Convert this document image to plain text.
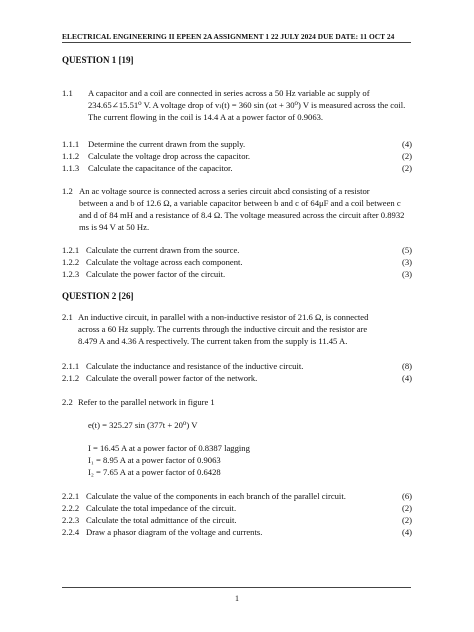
ELECTRICAL ENGINEERING II EPEEN 2A ASSIGNMENT 1 22 JULY 2024 DUE DATE: 11 OCT 24
QUESTION 1 [19]
1.1 A capacitor and a coil are connected in series across a 50 Hz variable ac supply of
234.65∠15.51⁰ V. A voltage drop of vₗ(t) = 360 sin (ωt + 30⁰) V is measured across the coil.
The current flowing in the coil is 14.4 A at a power factor of 0.9063.
1.1.1 Determine the current drawn from the supply.	(4)
1.1.2 Calculate the voltage drop across the capacitor.	(2)
1.1.3 Calculate the capacitance of the capacitor.	(2)
1.2 An ac voltage source is connected across a series circuit abcd consisting of a resistor
between a and b of 12.6 Ω, a variable capacitor between b and c of 64μF and a coil between c
and d of 84 mH and a resistance of 8.4 Ω. The voltage measured across the circuit after 0.8932
ms is 94 V at 50 Hz.
1.2.1 Calculate the current drawn from the source.	(5)
1.2.2 Calculate the voltage across each component.	(3)
1.2.3 Calculate the power factor of the circuit.	(3)
QUESTION 2 [26]
2.1 An inductive circuit, in parallel with a non-inductive resistor of 21.6 Ω, is connected
across a 60 Hz supply. The currents through the inductive circuit and the resistor are
8.479 A and 4.36 A respectively. The current taken from the supply is 11.45 A.
2.1.1 Calculate the inductance and resistance of the inductive circuit.	(8)
2.1.2 Calculate the overall power factor of the network.	(4)
2.2 Refer to the parallel network in figure 1
e(t) = 325.27 sin (377t + 20⁰) V
I = 16.45 A at a power factor of 0.8387 lagging
I₁ = 8.95 A at a power factor of 0.9063
I₂ = 7.65 A at a power factor of 0.6428
2.2.1 Calculate the value of the components in each branch of the parallel circuit.	(6)
2.2.2 Calculate the total impedance of the circuit.	(2)
2.2.3 Calculate the total admittance of the circuit.	(2)
2.2.4 Draw a phasor diagram of the voltage and currents.	(4)
1
